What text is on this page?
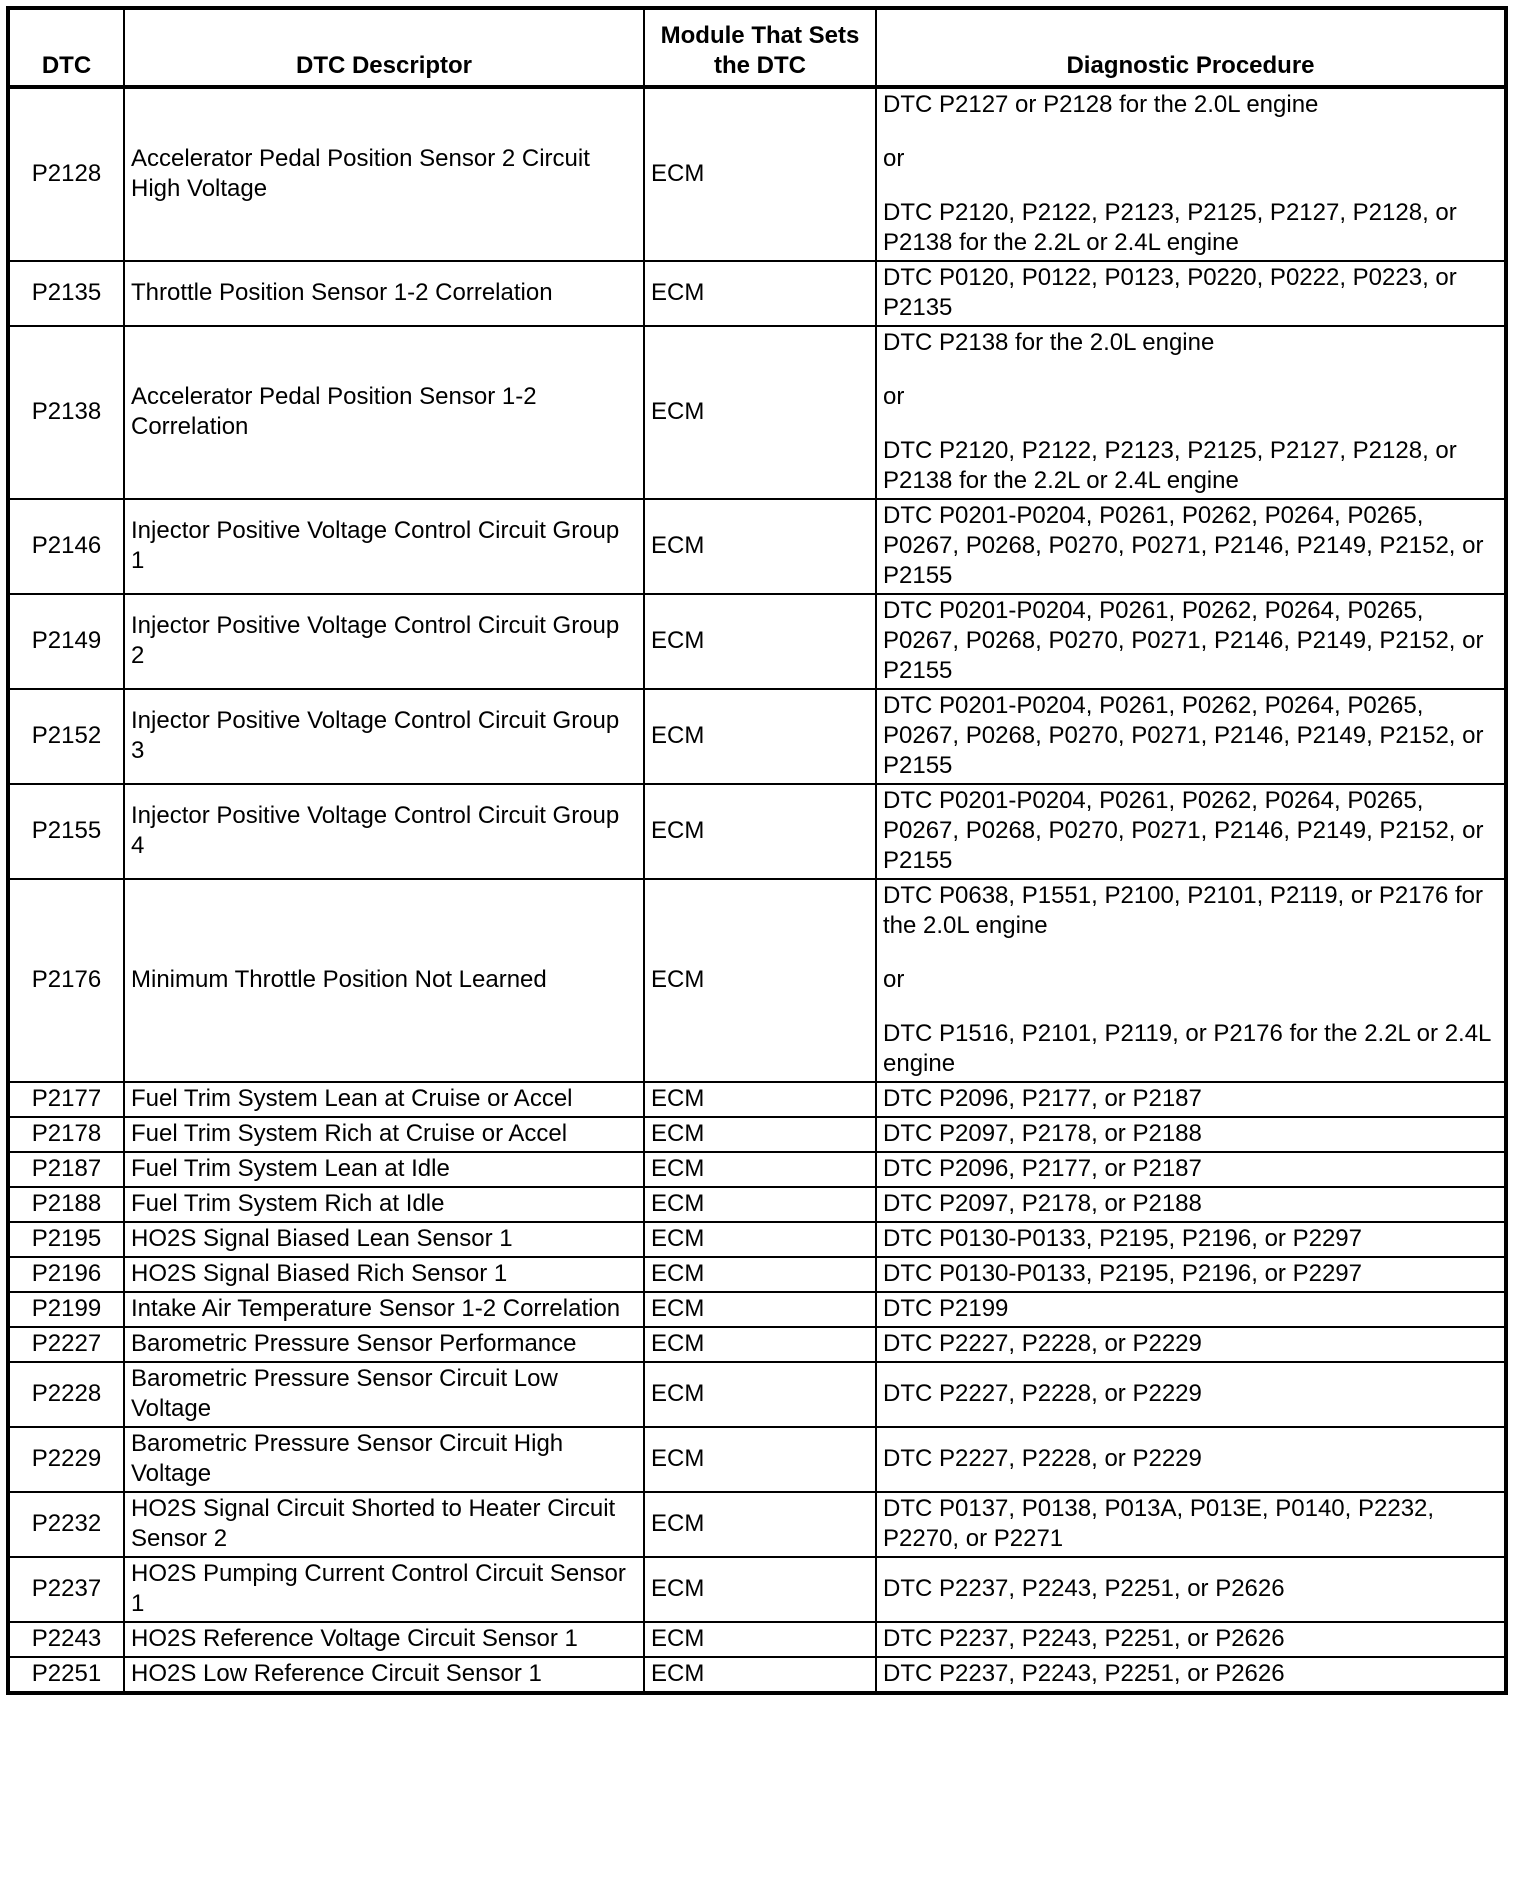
DTC	DTC Descriptor	Module That Sets the DTC	Diagnostic Procedure
P2128	Accelerator Pedal Position Sensor 2 Circuit High Voltage	ECM	DTC P2127 or P2128 for the 2.0L engine
or
DTC P2120, P2122, P2123, P2125, P2127, P2128, or P2138 for the 2.2L or 2.4L engine

P2135	Throttle Position Sensor 1-2 Correlation	ECM	DTC P0120, P0122, P0123, P0220, P0222, P0223, or P2135

P2138	Accelerator Pedal Position Sensor 1-2 Correlation	ECM	DTC P2138 for the 2.0L engine
or
DTC P2120, P2122, P2123, P2125, P2127, P2128, or P2138 for the 2.2L or 2.4L engine

P2146	Injector Positive Voltage Control Circuit Group 1	ECM	DTC P0201-P0204, P0261, P0262, P0264, P0265, P0267, P0268, P0270, P0271, P2146, P2149, P2152, or P2155

P2149	Injector Positive Voltage Control Circuit Group 2	ECM	DTC P0201-P0204, P0261, P0262, P0264, P0265, P0267, P0268, P0270, P0271, P2146, P2149, P2152, or P2155

P2152	Injector Positive Voltage Control Circuit Group 3	ECM	DTC P0201-P0204, P0261, P0262, P0264, P0265, P0267, P0268, P0270, P0271, P2146, P2149, P2152, or P2155

P2155	Injector Positive Voltage Control Circuit Group 4	ECM	DTC P0201-P0204, P0261, P0262, P0264, P0265, P0267, P0268, P0270, P0271, P2146, P2149, P2152, or P2155

P2176	Minimum Throttle Position Not Learned	ECM	DTC P0638, P1551, P2100, P2101, P2119, or P2176 for the 2.0L engine
or
DTC P1516, P2101, P2119, or P2176 for the 2.2L or 2.4L engine

P2177	Fuel Trim System Lean at Cruise or Accel	ECM	DTC P2096, P2177, or P2187

P2178	Fuel Trim System Rich at Cruise or Accel	ECM	DTC P2097, P2178, or P2188

P2187	Fuel Trim System Lean at Idle	ECM	DTC P2096, P2177, or P2187

P2188	Fuel Trim System Rich at Idle	ECM	DTC P2097, P2178, or P2188

P2195	HO2S Signal Biased Lean Sensor 1	ECM	DTC P0130-P0133, P2195, P2196, or P2297

P2196	HO2S Signal Biased Rich Sensor 1	ECM	DTC P0130-P0133, P2195, P2196, or P2297

P2199	Intake Air Temperature Sensor 1-2 Correlation	ECM	DTC P2199

P2227	Barometric Pressure Sensor Performance	ECM	DTC P2227, P2228, or P2229

P2228	Barometric Pressure Sensor Circuit Low Voltage	ECM	DTC P2227, P2228, or P2229

P2229	Barometric Pressure Sensor Circuit High Voltage	ECM	DTC P2227, P2228, or P2229

P2232	HO2S Signal Circuit Shorted to Heater Circuit Sensor 2	ECM	DTC P0137, P0138, P013A, P013E, P0140, P2232, P2270, or P2271

P2237	HO2S Pumping Current Control Circuit Sensor 1	ECM	DTC P2237, P2243, P2251, or P2626

P2243	HO2S Reference Voltage Circuit Sensor 1	ECM	DTC P2237, P2243, P2251, or P2626

P2251	HO2S Low Reference Circuit Sensor 1	ECM	DTC P2237, P2243, P2251, or P2626
